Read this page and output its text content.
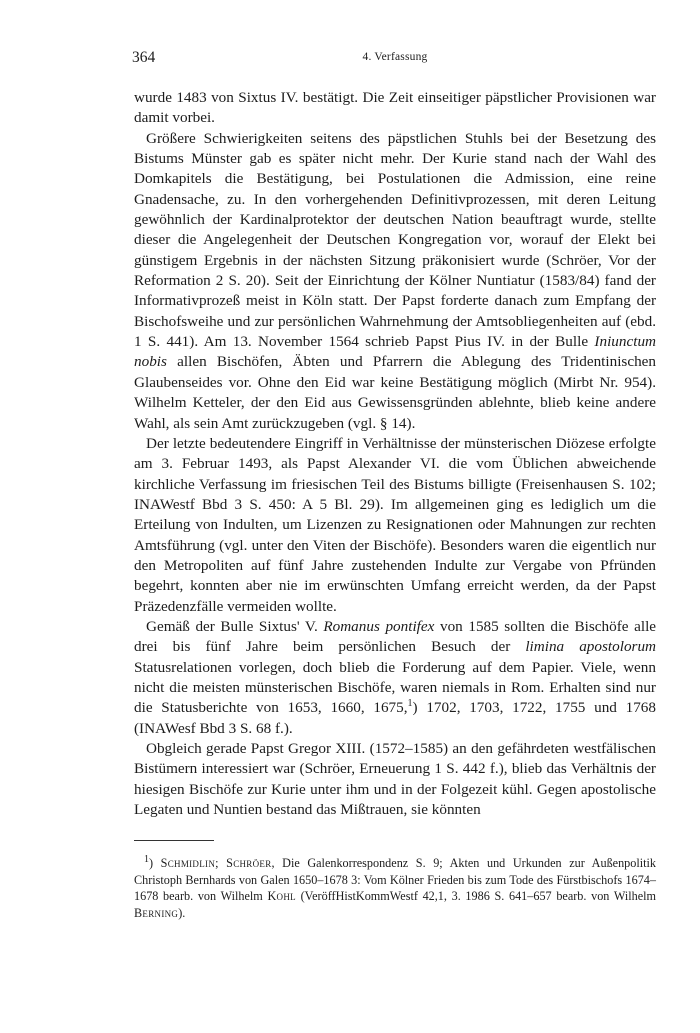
364	4. Verfassung

wurde 1483 von Sixtus IV. bestätigt. Die Zeit einseitiger päpstlicher Provisionen war damit vorbei.

Größere Schwierigkeiten seitens des päpstlichen Stuhls bei der Besetzung des Bistums Münster gab es später nicht mehr. Der Kurie stand nach der Wahl des Domkapitels die Bestätigung, bei Postulationen die Admission, eine reine Gnadensache, zu. In den vorhergehenden Definitivprozessen, mit deren Leitung gewöhnlich der Kardinalprotektor der deutschen Nation beauftragt wurde, stellte dieser die Angelegenheit der Deutschen Kongregation vor, worauf der Elekt bei günstigem Ergebnis in der nächsten Sitzung präkonisiert wurde (Schröer, Vor der Reformation 2 S. 20). Seit der Einrichtung der Kölner Nuntiatur (1583/84) fand der Informativprozeß meist in Köln statt. Der Papst forderte danach zum Empfang der Bischofsweihe und zur persönlichen Wahrnehmung der Amtsobliegenheiten auf (ebd. 1 S. 441). Am 13. November 1564 schrieb Papst Pius IV. in der Bulle Iniunctum nobis allen Bischöfen, Äbten und Pfarrern die Ablegung des Tridentinischen Glaubenseides vor. Ohne den Eid war keine Bestätigung möglich (Mirbt Nr. 954). Wilhelm Ketteler, der den Eid aus Gewissensgründen ablehnte, blieb keine andere Wahl, als sein Amt zurückzugeben (vgl. § 14).

Der letzte bedeutendere Eingriff in Verhältnisse der münsterischen Diözese erfolgte am 3. Februar 1493, als Papst Alexander VI. die vom Üblichen abweichende kirchliche Verfassung im friesischen Teil des Bistums billigte (Freisenhausen S. 102; INAWestf Bbd 3 S. 450: A 5 Bl. 29). Im allgemeinen ging es lediglich um die Erteilung von Indulten, um Lizenzen zu Resignationen oder Mahnungen zur rechten Amtsführung (vgl. unter den Viten der Bischöfe). Besonders waren die eigentlich nur den Metropoliten auf fünf Jahre zustehenden Indulte zur Vergabe von Pfründen begehrt, konnten aber nie im erwünschten Umfang erreicht werden, da der Papst Präzedenzfälle vermeiden wollte.

Gemäß der Bulle Sixtus' V. Romanus pontifex von 1585 sollten die Bischöfe alle drei bis fünf Jahre beim persönlichen Besuch der limina apostolorum Statusrelationen vorlegen, doch blieb die Forderung auf dem Papier. Viele, wenn nicht die meisten münsterischen Bischöfe, waren niemals in Rom. Erhalten sind nur die Statusberichte von 1653, 1660, 1675,$^1$) 1702, 1703, 1722, 1755 und 1768 (INAWesf Bbd 3 S. 68 f.).

Obgleich gerade Papst Gregor XIII. (1572–1585) an den gefährdeten westfälischen Bistümern interessiert war (Schröer, Erneuerung 1 S. 442 f.), blieb das Verhältnis der hiesigen Bischöfe zur Kurie unter ihm und in der Folgezeit kühl. Gegen apostolische Legaten und Nuntien bestand das Mißtrauen, sie könnten

$^1$) Schmidlin; Schröer, Die Galenkorrespondenz S. 9; Akten und Urkunden zur Außenpolitik Christoph Bernhards von Galen 1650–1678 3: Vom Kölner Frieden bis zum Tode des Fürstbischofs 1674–1678 bearb. von Wilhelm Kohl (VeröffHistKommWestf 42,1, 3. 1986 S. 641–657 bearb. von Wilhelm Berning).
